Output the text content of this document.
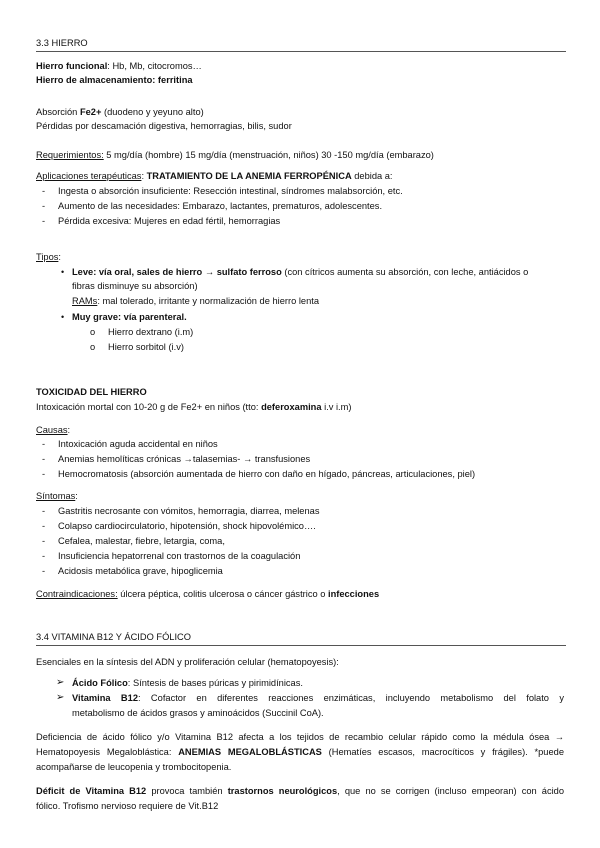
3.3 HIERRO
Hierro funcional: Hb, Mb, citocromos…
Hierro de almacenamiento: ferritina
Absorción Fe2+ (duodeno y yeyuno alto)
Pérdidas por descamación digestiva, hemorragias, bilis, sudor
Requerimientos: 5 mg/día (hombre) 15 mg/día (menstruación, niños) 30 -150 mg/día (embarazo)
Aplicaciones terapéuticas: TRATAMIENTO DE LA ANEMIA FERROPÉNICA debida a:
- Ingesta o absorción insuficiente: Resección intestinal, síndromes malabsorción, etc.
- Aumento de las necesidades: Embarazo, lactantes, prematuros, adolescentes.
- Pérdida excesiva: Mujeres en edad fértil, hemorragias
Tipos:
• Leve: vía oral, sales de hierro → sulfato ferroso (con cítricos aumenta su absorción, con leche, antiácidos o
fibras disminuye su absorción)
RAMs: mal tolerado, irritante y normalización de hierro lenta
• Muy grave: vía parenteral.
o Hierro dextrano (i.m)
o Hierro sorbitol (i.v)
TOXICIDAD DEL HIERRO
Intoxicación mortal con 10-20 g de Fe2+ en niños (tto: deferoxamina i.v i.m)
Causas:
- Intoxicación aguda accidental en niños
- Anemias hemolíticas crónicas →talasemias- → transfusiones
- Hemocromatosis (absorción aumentada de hierro con daño en hígado, páncreas, articulaciones, piel)
Síntomas:
- Gastritis necrosante con vómitos, hemorragia, diarrea, melenas
- Colapso cardiocirculatorio, hipotensión, shock hipovolémico….
- Cefalea, malestar, fiebre, letargia, coma,
- Insuficiencia hepatorrenal con trastornos de la coagulación
- Acidosis metabólica grave, hipoglicemia
Contraindicaciones: úlcera péptica, colitis ulcerosa o cáncer gástrico o infecciones
3.4 VITAMINA B12 Y ÁCIDO FÓLICO
Esenciales en la síntesis del ADN y proliferación celular (hematopoyesis):
➢ Ácido Fólico: Síntesis de bases púricas y pirimidínicas.
➢ Vitamina B12: Cofactor en diferentes reacciones enzimáticas, incluyendo metabolismo del folato y
metabolismo de ácidos grasos y aminoácidos (Succinil CoA).
Deficiencia de ácido fólico y/o Vitamina B12 afecta a los tejidos de recambio celular rápido como la médula ósea →
Hematopoyesis Megaloblástica: ANEMIAS MEGALOBLÁSTICAS (Hematíes escasos, macrocíticos y frágiles). *puede
acompañarse de leucopenia y trombocitopenia.
Déficit de Vitamina B12 provoca también trastornos neurológicos, que no se corrigen (incluso empeoran) con ácido
fólico. Trofismo nervioso requiere de Vit.B12
